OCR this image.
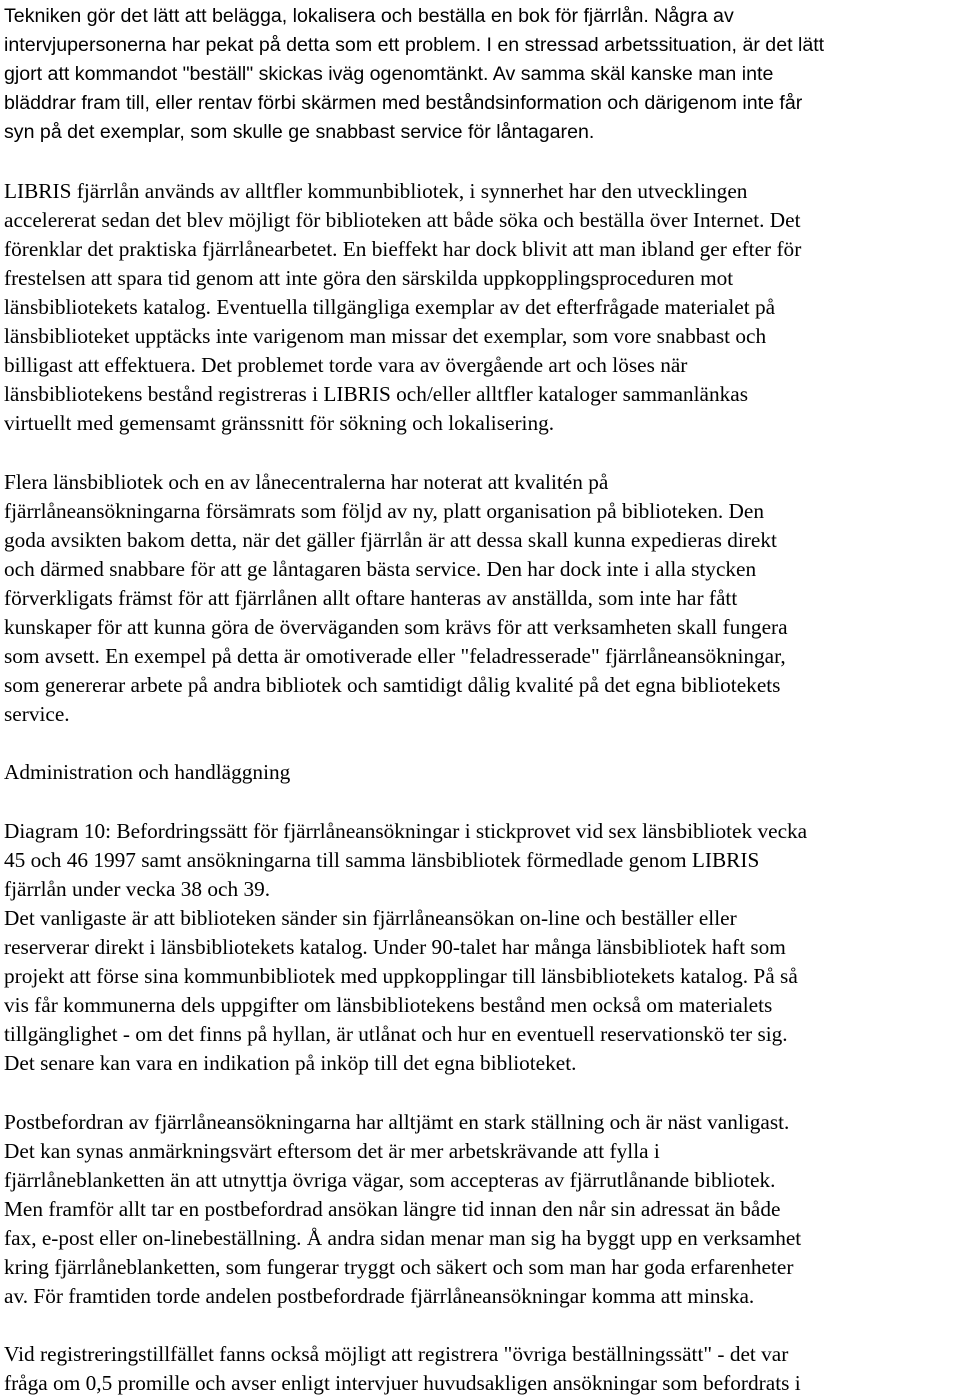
Tekniken gör det lätt att belägga, lokalisera och beställa en bok för fjärrlån. Några av
intervjupersonerna har pekat på detta som ett problem. I en stressad arbetssituation, är det lätt
gjort att kommandot "beställ" skickas iväg ogenomtänkt. Av samma skäl kanske man inte
bläddrar fram till, eller rentav förbi skärmen med beståndsinformation och därigenom inte får
syn på det exemplar, som skulle ge snabbast service för låntagaren.

LIBRIS fjärrlån används av alltfler kommunbibliotek, i synnerhet har den utvecklingen
accelererat sedan det blev möjligt för biblioteken att både söka och beställa över Internet. Det
förenklar det praktiska fjärrlånearbetet. En bieffekt har dock blivit att man ibland ger efter för
frestelsen att spara tid genom att inte göra den särskilda uppkopplingsproceduren mot
länsbibliotekets katalog. Eventuella tillgängliga exemplar av det efterfrågade materialet på
länsbiblioteket upptäcks inte varigenom man missar det exemplar, som vore snabbast och
billigast att effektuera. Det problemet torde vara av övergående art och löses när
länsbibliotekens bestånd registreras i LIBRIS och/eller alltfler kataloger sammanlänkas
virtuellt med gemensamt gränssnitt för sökning och lokalisering.

Flera länsbibliotek och en av lånecentralerna har noterat att kvalitén på
fjärrlåneansökningarna försämrats som följd av ny, platt organisation på biblioteken. Den
goda avsikten bakom detta, när det gäller fjärrlån är att dessa skall kunna expedieras direkt
och därmed snabbare för att ge låntagaren bästa service. Den har dock inte i alla stycken
förverkligats främst för att fjärrlånen allt oftare hanteras av anställda, som inte har fått
kunskaper för att kunna göra de överväganden som krävs för att verksamheten skall fungera
som avsett. En exempel på detta är omotiverade eller "feladresserade" fjärrlåneansökningar,
som genererar arbete på andra bibliotek och samtidigt dålig kvalité på det egna bibliotekets
service.

Administration och handläggning

Diagram 10: Befordringssätt för fjärrlåneansökningar i stickprovet vid sex länsbibliotek vecka
45 och 46 1997 samt ansökningarna till samma länsbibliotek förmedlade genom LIBRIS
fjärrlån under vecka 38 och 39.
Det vanligaste är att biblioteken sänder sin fjärrlåneansökan on-line och beställer eller
reserverar direkt i länsbibliotekets katalog. Under 90-talet har många länsbibliotek haft som
projekt att förse sina kommunbibliotek med uppkopplingar till länsbibliotekets katalog. På så
vis får kommunerna dels uppgifter om länsbibliotekens bestånd men också om materialets
tillgänglighet - om det finns på hyllan, är utlånat och hur en eventuell reservationskö ter sig.
Det senare kan vara en indikation på inköp till det egna biblioteket.

Postbefordran av fjärrlåneansökningarna har alltjämt en stark ställning och är näst vanligast.
Det kan synas anmärkningsvärt eftersom det är mer arbetskrävande att fylla i
fjärrlåneblanketten än att utnyttja övriga vägar, som accepteras av fjärrutlånande bibliotek.
Men framför allt tar en postbefordrad ansökan längre tid innan den når sin adressat än både
fax, e-post eller on-linebeställning. Å andra sidan menar man sig ha byggt upp en verksamhet
kring fjärrlåneblanketten, som fungerar tryggt och säkert och som man har goda erfarenheter
av. För framtiden torde andelen postbefordrade fjärrlåneansökningar komma att minska.

Vid registreringstillfället fanns också möjligt att registrera "övriga beställningssätt" - det var
fråga om 0,5 promille och avser enligt intervjuer huvudsakligen ansökningar som befordrats i
